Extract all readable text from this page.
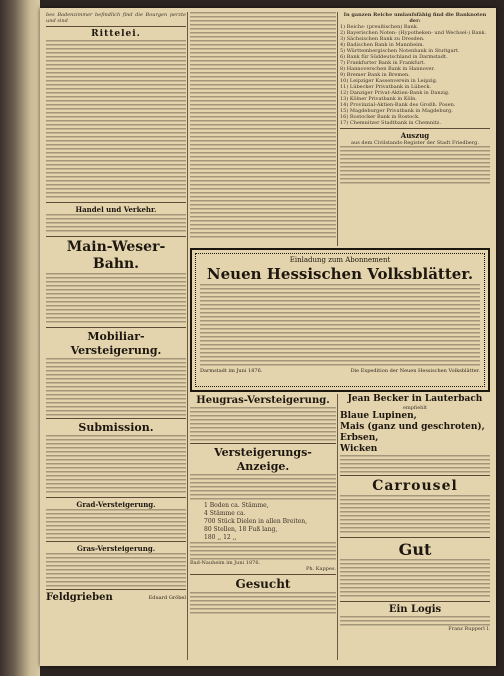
bes Badenzimmer befindlich find die Bourgen perzte und sind

Rittelei.

Handel und Verkehr.

Main-Weser-Bahn.

Mobiliar-Versteigerung.

Submission.

Grad-Versteigerung.

Gras-Versteigerung.

Feldgrieben	Eduard Gröbel

In ganzen Reiche umlaufsfähig find die Banknoten der:

1) Reichs- (preußischen) Bank.

2) Bayerischen Noten- (Hypotheken- und Wechsel-) Bank.

3) Sächsischen Bank zu Dresden.

4) Badischen Bank in Mannheim.

5) Württembergischen Notenbank in Stuttgart.

6) Bank für Süddeutschland in Darmstadt.

7) Frankfurter Bank in Frankfurt.

8) Hannoverschen Bank in Hannover.

9) Bremer Bank in Bremen.

10) Leipziger Kassenverein in Leipzig.

11) Lübecker Privatbank in Lübeck.

12) Danziger Privat-Aktien-Bank in Danzig.

13) Kölner Privatbank in Köln.

14) Provinzial-Aktien-Bank des Großh. Posen.

15) Magdeburger Privatbank in Magdeburg.

16) Rostocker Bank in Rostock.

17) Chemnitzer Stadtbank in Chemnitz.

Auszug

aus dem Civilstands-Register der Stadt Friedberg.

Einladung zum Abonnement

Neuen Hessischen Volksblätter.

Darmstadt im Juni 1876.	Die Expedition der Neuen Hessischen Volksblätter.

Heugras-Versteigerung.

Versteigerungs-Anzeige.

1 Boden ca. Stämme,

4 Stämme ca.

700 Stück Dielen in allen Breiten,

80 Stellen, 18 Fuß lang,

180 ,, 12 ,,

Bad-Nauheim im Juni 1876.

Ph. Kappes.

Gesucht

Jean Becker in Lauterbach

empfiehlt

Blaue Lupinen,

Mais (ganz und geschroten),

Erbsen,

Wicken

Carrousel

Gut

Ein Logis

Franz Rupperl I.
